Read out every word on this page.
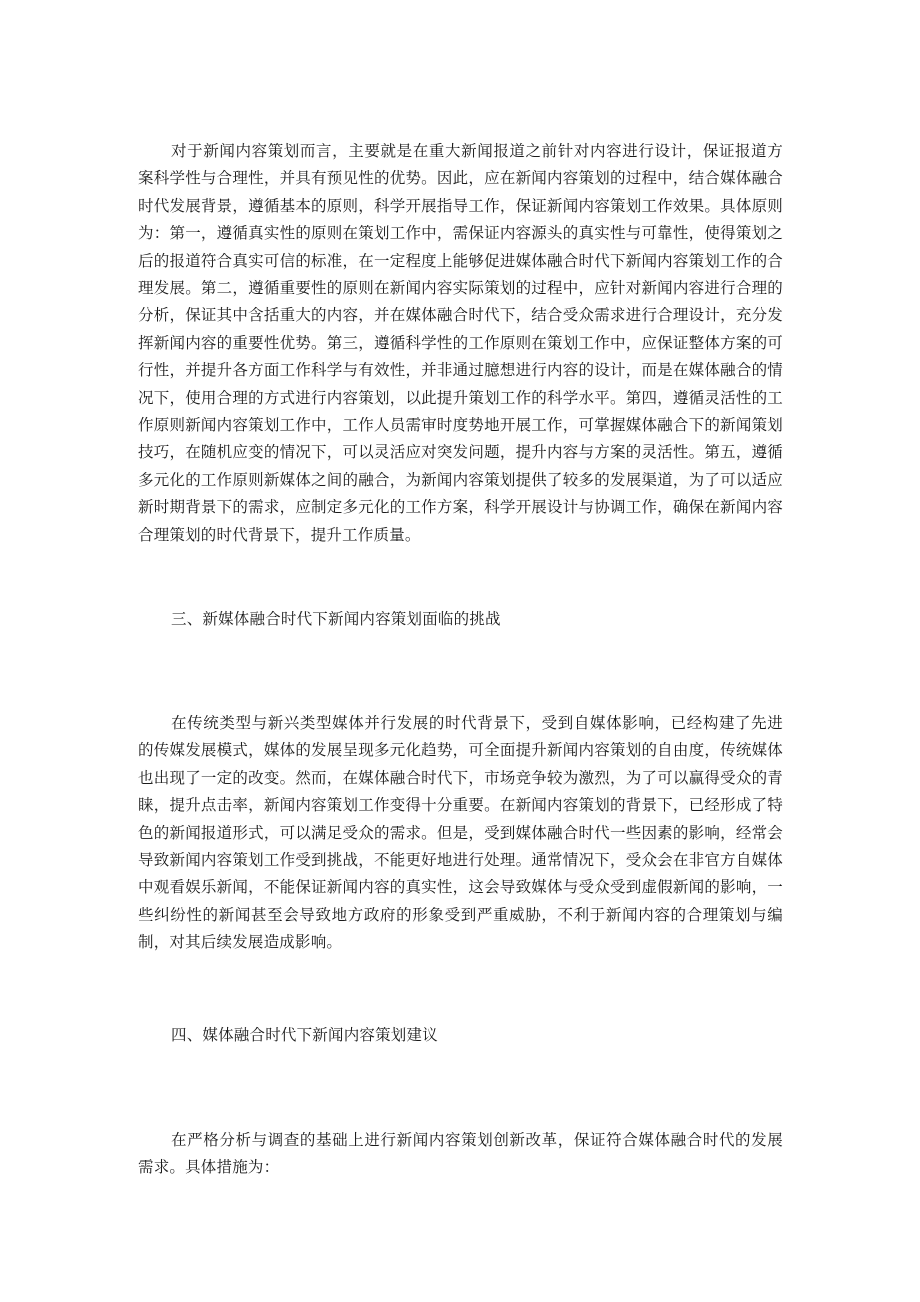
对于新闻内容策划而言，主要就是在重大新闻报道之前针对内容进行设计，保证报道方案科学性与合理性，并具有预见性的优势。因此，应在新闻内容策划的过程中，结合媒体融合时代发展背景，遵循基本的原则，科学开展指导工作，保证新闻内容策划工作效果。具体原则为：第一，遵循真实性的原则在策划工作中，需保证内容源头的真实性与可靠性，使得策划之后的报道符合真实可信的标准，在一定程度上能够促进媒体融合时代下新闻内容策划工作的合理发展。第二，遵循重要性的原则在新闻内容实际策划的过程中，应针对新闻内容进行合理的分析，保证其中含括重大的内容，并在媒体融合时代下，结合受众需求进行合理设计，充分发挥新闻内容的重要性优势。第三，遵循科学性的工作原则在策划工作中，应保证整体方案的可行性，并提升各方面工作科学与有效性，并非通过臆想进行内容的设计，而是在媒体融合的情况下，使用合理的方式进行内容策划，以此提升策划工作的科学水平。第四，遵循灵活性的工作原则新闻内容策划工作中，工作人员需审时度势地开展工作，可掌握媒体融合下的新闻策划技巧，在随机应变的情况下，可以灵活应对突发问题，提升内容与方案的灵活性。第五，遵循多元化的工作原则新媒体之间的融合，为新闻内容策划提供了较多的发展渠道，为了可以适应新时期背景下的需求，应制定多元化的工作方案，科学开展设计与协调工作，确保在新闻内容合理策划的时代背景下，提升工作质量。

三、新媒体融合时代下新闻内容策划面临的挑战

在传统类型与新兴类型媒体并行发展的时代背景下，受到自媒体影响，已经构建了先进的传媒发展模式，媒体的发展呈现多元化趋势，可全面提升新闻内容策划的自由度，传统媒体也出现了一定的改变。然而，在媒体融合时代下，市场竞争较为激烈，为了可以赢得受众的青睐，提升点击率，新闻内容策划工作变得十分重要。在新闻内容策划的背景下，已经形成了特色的新闻报道形式，可以满足受众的需求。但是，受到媒体融合时代一些因素的影响，经常会导致新闻内容策划工作受到挑战，不能更好地进行处理。通常情况下，受众会在非官方自媒体中观看娱乐新闻，不能保证新闻内容的真实性，这会导致媒体与受众受到虚假新闻的影响，一些纠纷性的新闻甚至会导致地方政府的形象受到严重威胁，不利于新闻内容的合理策划与编制，对其后续发展造成影响。

四、媒体融合时代下新闻内容策划建议

在严格分析与调查的基础上进行新闻内容策划创新改革，保证符合媒体融合时代的发展需求。具体措施为：
